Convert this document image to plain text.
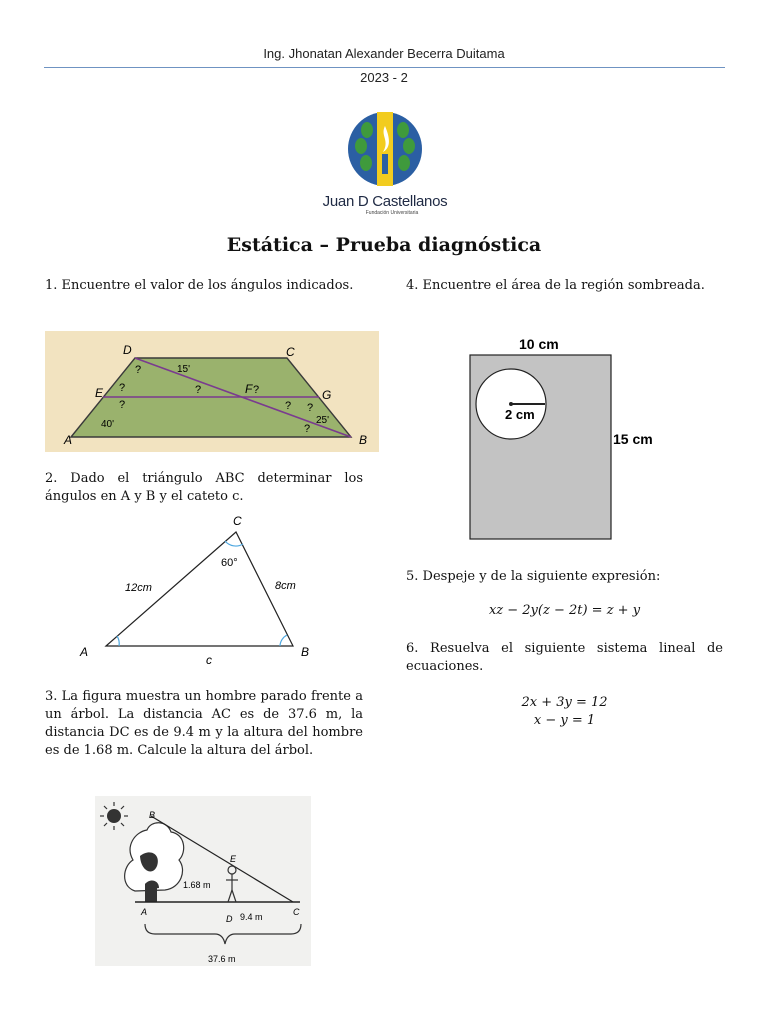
Ing. Jhonatan Alexander Becerra Duitama
2023 - 2
Juan D Castellanos
Fundación Universitaria
Estática – Prueba diagnóstica
1. Encuentre el valor de los ángulos indicados.
D	C
E	F	G
A	B
15'
40'	25'
?
?
?
?	?
? ?
?
2. Dado el triángulo ABC determinar los ángulos en A y B y el cateto c.
C
A	B
60°
12cm	8cm
c
3. La figura muestra un hombre parado frente a un árbol. La distancia AC es de 37.6 m, la distancia DC es de 9.4 m y la altura del hombre es de 1.68 m. Calcule la altura del árbol.
B
E
A
D
C
1.68 m
9.4 m
37.6 m
4. Encuentre el área de la región sombreada.
10 cm
15 cm
2 cm
5. Despeje y de la siguiente expresión:
xz − 2y(z − 2t) = z + y
6. Resuelva el siguiente sistema lineal de ecuaciones.
2x + 3y = 12
x − y = 1
